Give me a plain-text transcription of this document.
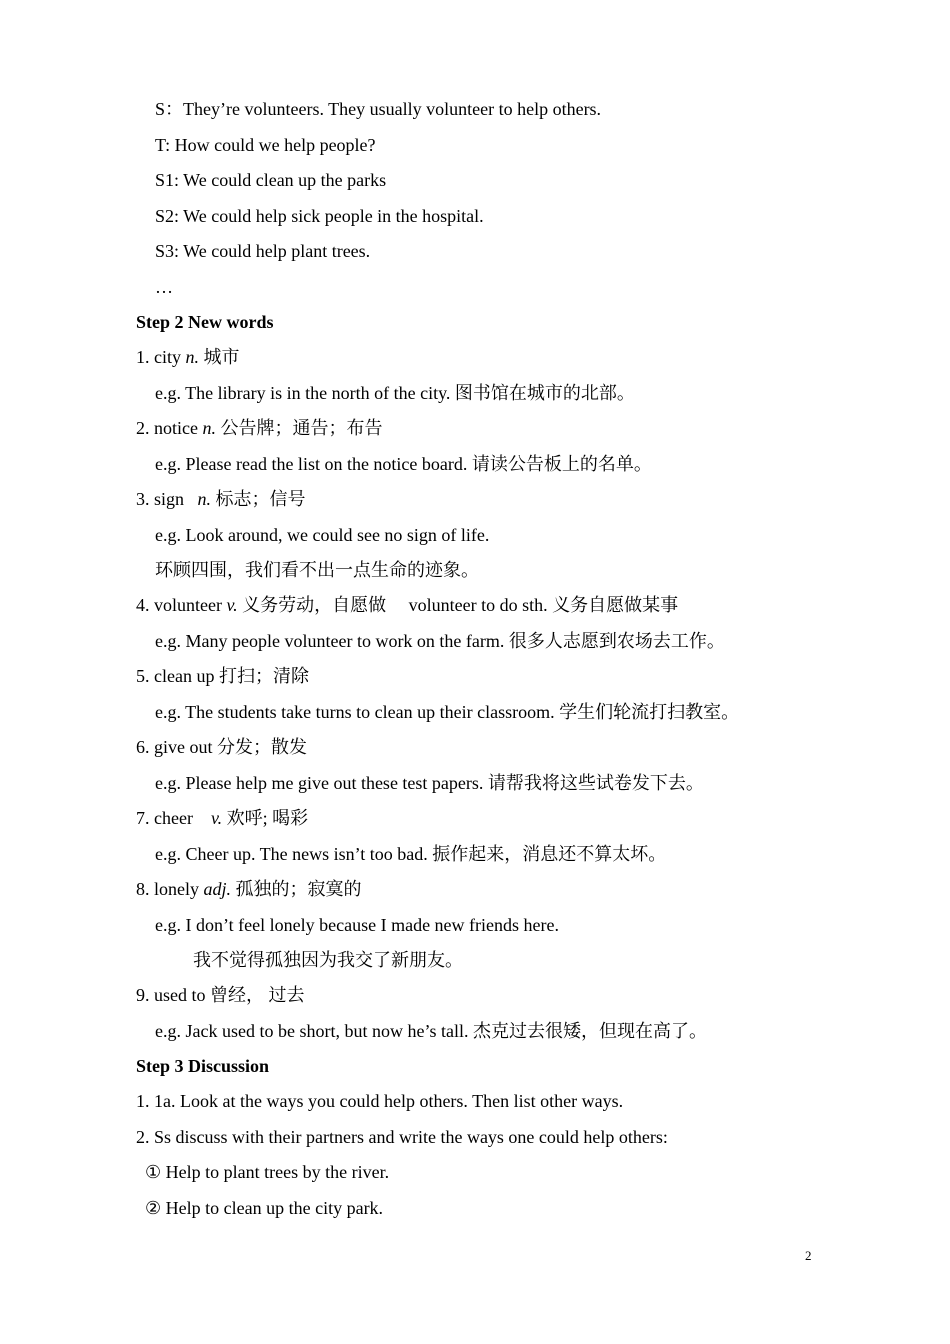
S：They’re volunteers. They usually volunteer to help others.
T: How could we help people?
S1: We could clean up the parks
S2: We could help sick people in the hospital.
S3: We could help plant trees.
…
Step 2 New words
1. city n. 城市
e.g. The library is in the north of the city. 图书馆在城市的北部。
2. notice n. 公告牌；通告；布告
e.g. Please read the list on the notice board. 请读公告板上的名单。
3. sign   n. 标志；信号
e.g. Look around, we could see no sign of life.
环顾四围，我们看不出一点生命的迹象。
4. volunteer v. 义务劳动，自愿做     volunteer to do sth. 义务自愿做某事
e.g. Many people volunteer to work on the farm. 很多人志愿到农场去工作。
5. clean up 打扫；清除
e.g. The students take turns to clean up their classroom. 学生们轮流打扫教室。
6. give out 分发；散发
e.g. Please help me give out these test papers. 请帮我将这些试卷发下去。
7. cheer    v. 欢呼; 喝彩
e.g. Cheer up. The news isn’t too bad. 振作起来，消息还不算太坏。
8. lonely adj. 孤独的；寂寞的
e.g. I don’t feel lonely because I made new friends here.
我不觉得孤独因为我交了新朋友。
9. used to 曾经， 过去
e.g. Jack used to be short, but now he’s tall. 杰克过去很矮，但现在高了。
Step 3 Discussion
1. 1a. Look at the ways you could help others. Then list other ways.
2. Ss discuss with their partners and write the ways one could help others:
① Help to plant trees by the river.
② Help to clean up the city park.
2
